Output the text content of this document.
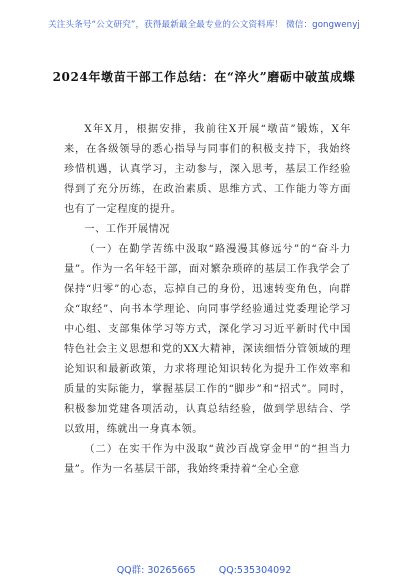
关注头条号“公文研究”，获得最新最全最专业的公文资料库！ 微信：gongwenyj
2024年墩苗干部工作总结：在“淬火”磨砺中破茧成蝶

X年X月，根据安排，我前往X开展“墩苗”锻炼，X年来，在各级领导的悉心指导与同事们的积极支持下，我始终珍惜机遇，认真学习，主动参与，深入思考，基层工作经验得到了充分历练，在政治素质、思维方式、工作能力等方面也有了一定程度的提升。

一、工作开展情况

（一）在勤学苦练中汲取“路漫漫其修远兮”的“奋斗力量”。作为一名年轻干部，面对繁杂琐碎的基层工作我学会了保持“归零”的心态，忘掉自己的身份，迅速转变角色，向群众“取经”、向书本学理论、向同事学经验通过党委理论学习中心组、支部集体学习等方式，深化学习习近平新时代中国特色社会主义思想和党的XX大精神，深读细悟分管领域的理论知识和最新政策，力求将理论知识转化为提升工作效率和质量的实际能力，掌握基层工作的“脚步”和“招式”。同时，积极参加党建各项活动，认真总结经验，做到学思结合、学以致用，练就出一身真本领。

（二）在实干作为中汲取“黄沙百战穿金甲”的“担当力量”。作为一名基层干部，我始终秉持着“全心全意

QQ群: 30265665 QQ:535304092
